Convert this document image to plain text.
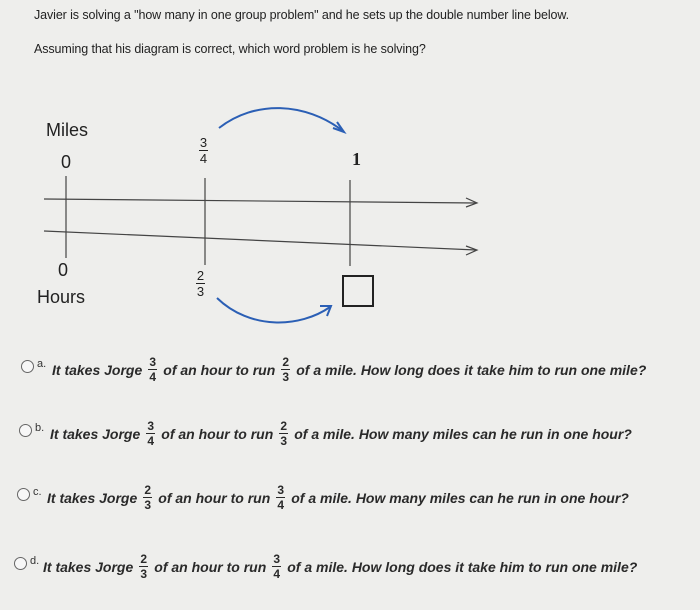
Javier is solving a "how many in one group problem" and he sets up the double number line below.
Assuming that his diagram is correct, which word problem is he solving?
Miles
0
3
4	1
0
Hours
2
3
a. It takes Jorge 3
4 of an hour to run 2
3 of a mile. How long does it take him to run one mile?
b. It takes Jorge 3
4 of an hour to run 2
3 of a mile. How many miles can he run in one hour?
c. It takes Jorge 2
3 of an hour to run 3
4 of a mile. How many miles can he run in one hour?
d. It takes Jorge 2
3 of an hour to run 3
4 of a mile. How long does it take him to run one mile?
